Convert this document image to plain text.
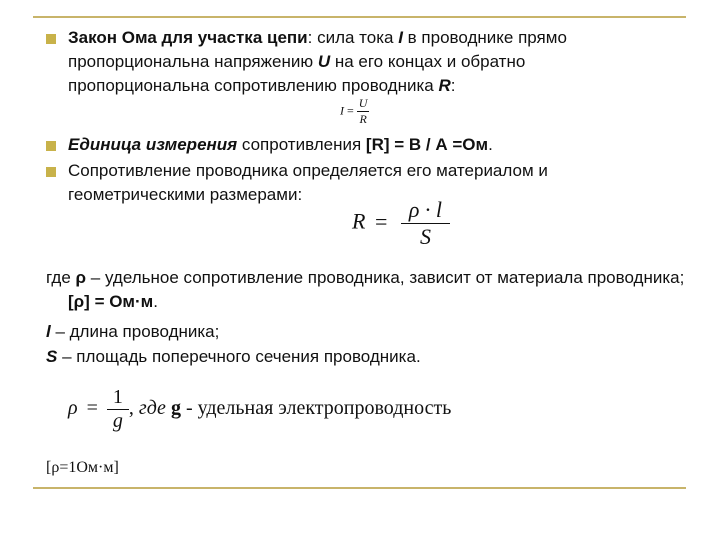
Закон Ома для участка цепи: сила тока I в проводнике прямо пропорциональна напряжению U на его концах и обратно пропорциональна сопротивлению проводника R:

$I = \frac{U}{R}$

Единица измерения сопротивления [R] = В / А =Ом.

Сопротивление проводника определяется его материалом и геометрическими размерами:

$R = \frac{\rho \cdot l}{S}$

где ρ – удельное сопротивление проводника, зависит от материала проводника; [ρ] = Ом·м.

l – длина проводника;

S – площадь поперечного сечения проводника.

$\rho = \frac{1}{g}$ , где g - удельная электропроводность

[ρ=1Ом·м]
